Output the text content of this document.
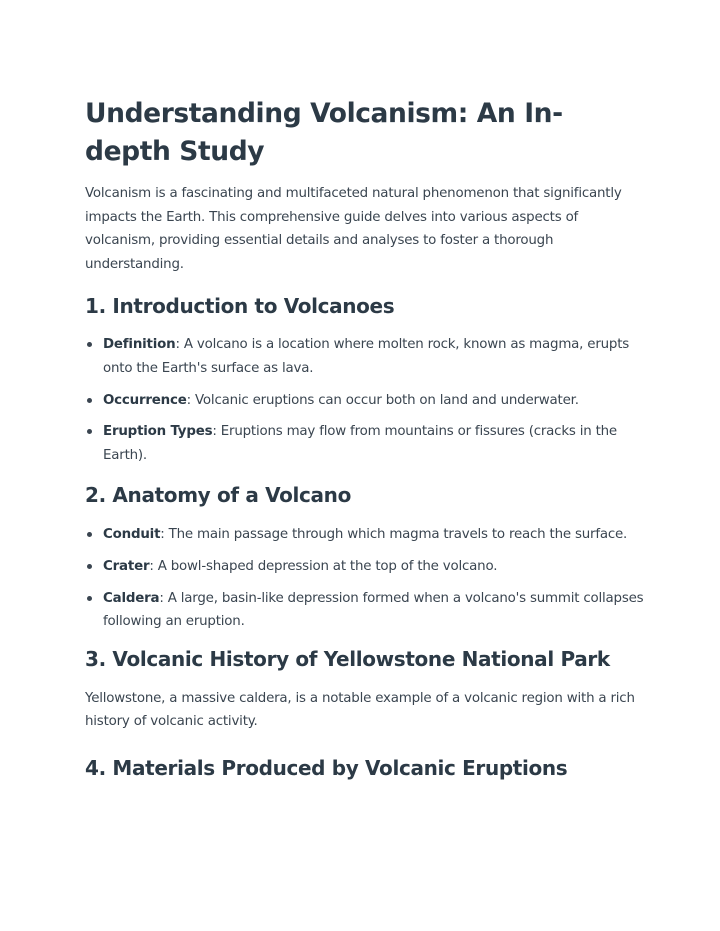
Understanding Volcanism: An In-depth Study

Volcanism is a fascinating and multifaceted natural phenomenon that significantly impacts the Earth. This comprehensive guide delves into various aspects of volcanism, providing essential details and analyses to foster a thorough understanding.

1. Introduction to Volcanoes
Definition: A volcano is a location where molten rock, known as magma, erupts onto the Earth's surface as lava.
Occurrence: Volcanic eruptions can occur both on land and underwater.
Eruption Types: Eruptions may flow from mountains or fissures (cracks in the Earth).
2. Anatomy of a Volcano
Conduit: The main passage through which magma travels to reach the surface.
Crater: A bowl-shaped depression at the top of the volcano.
Caldera: A large, basin-like depression formed when a volcano's summit collapses following an eruption.
3. Volcanic History of Yellowstone National Park

Yellowstone, a massive caldera, is a notable example of a volcanic region with a rich history of volcanic activity.

4. Materials Produced by Volcanic Eruptions
